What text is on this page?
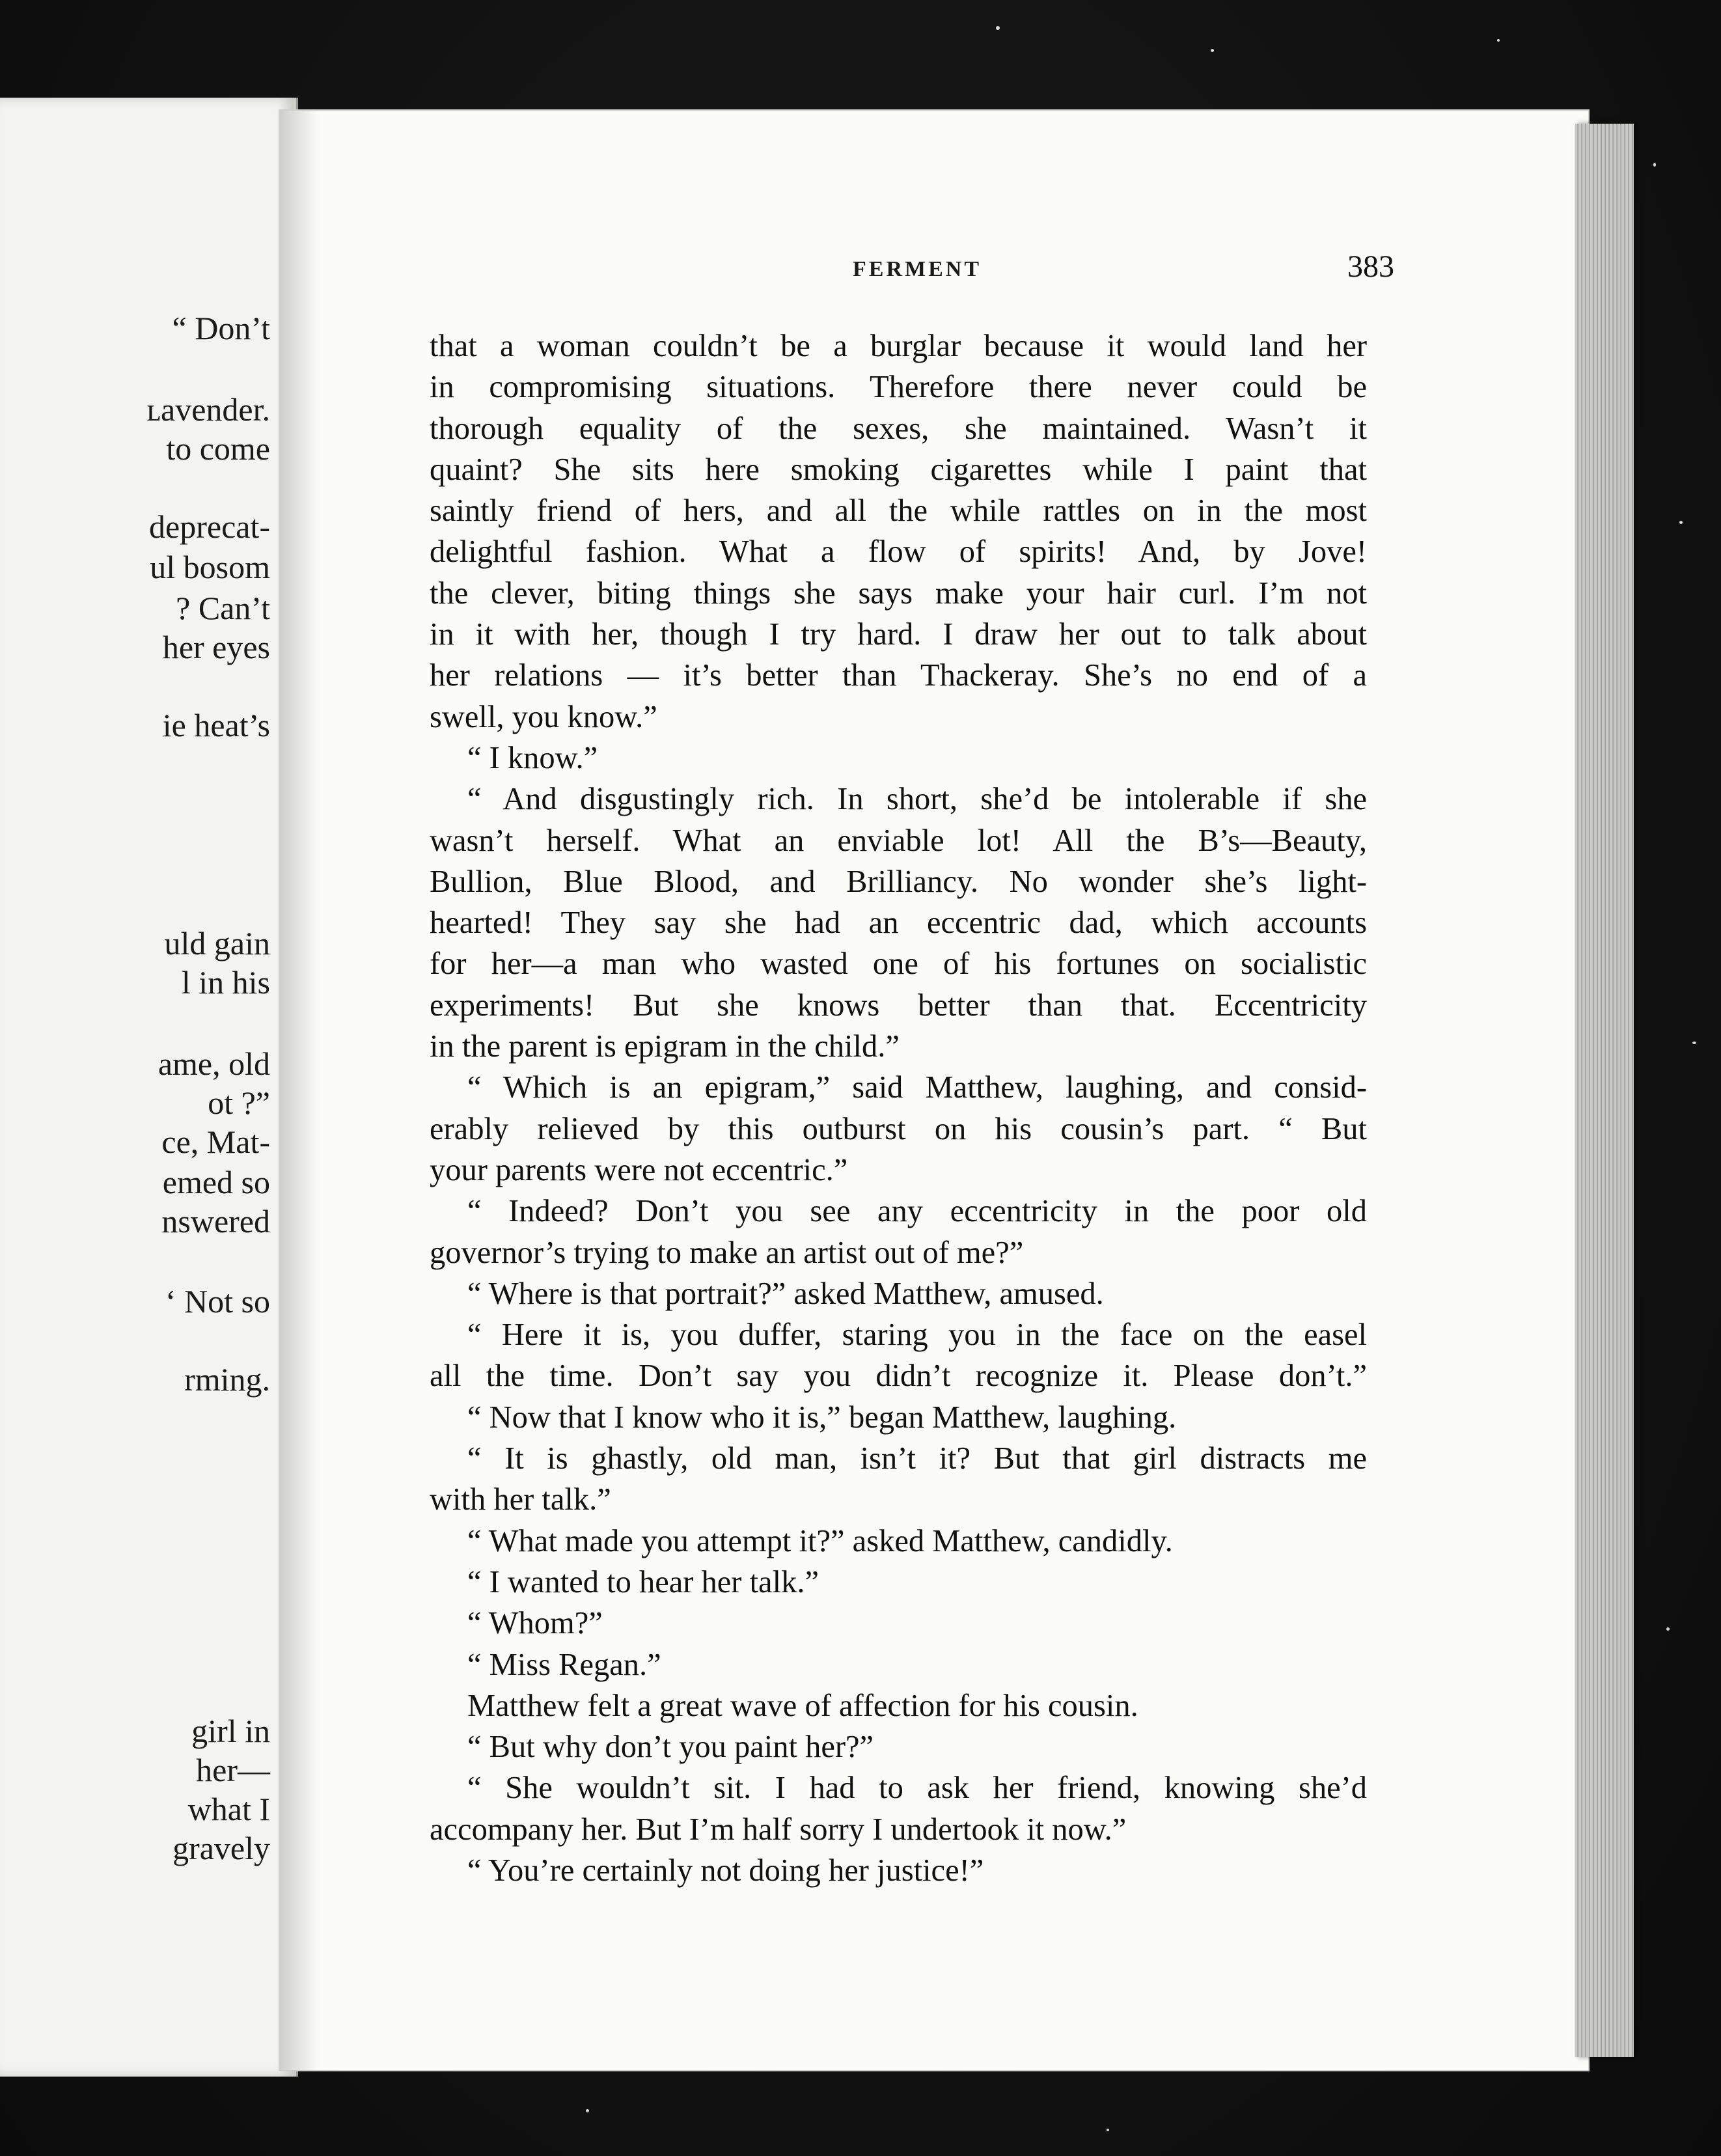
“ Don’t
ʟavender.
to come
deprecat-
ul bosom
? Can’t
her eyes
ie heat’s
uld gain
l in his
ame, old
ot ?”
ce, Mat-
emed so
nswered
‘ Not so
rming.
girl in
her—
what I
gravely
FERMENT	383
that a woman couldn’t be a burglar because it would land her
in compromising situations. Therefore there never could be
thorough equality of the sexes, she maintained. Wasn’t it
quaint? She sits here smoking cigarettes while I paint that
saintly friend of hers, and all the while rattles on in the most
delightful fashion. What a flow of spirits! And, by Jove!
the clever, biting things she says make your hair curl. I’m not
in it with her, though I try hard. I draw her out to talk about
her relations — it’s better than Thackeray. She’s no end of a
swell, you know.”
“ I know.”
“ And disgustingly rich. In short, she’d be intolerable if she
wasn’t herself. What an enviable lot! All the B’s—Beauty,
Bullion, Blue Blood, and Brilliancy. No wonder she’s light-
hearted! They say she had an eccentric dad, which accounts
for her—a man who wasted one of his fortunes on socialistic
experiments! But she knows better than that. Eccentricity
in the parent is epigram in the child.”
“ Which is an epigram,” said Matthew, laughing, and consid-
erably relieved by this outburst on his cousin’s part. “ But
your parents were not eccentric.”
“ Indeed? Don’t you see any eccentricity in the poor old
governor’s trying to make an artist out of me?”
“ Where is that portrait?” asked Matthew, amused.
“ Here it is, you duffer, staring you in the face on the easel
all the time. Don’t say you didn’t recognize it. Please don’t.”
“ Now that I know who it is,” began Matthew, laughing.
“ It is ghastly, old man, isn’t it? But that girl distracts me
with her talk.”
“ What made you attempt it?” asked Matthew, candidly.
“ I wanted to hear her talk.”
“ Whom?”
“ Miss Regan.”
Matthew felt a great wave of affection for his cousin.
“ But why don’t you paint her?”
“ She wouldn’t sit. I had to ask her friend, knowing she’d
accompany her. But I’m half sorry I undertook it now.”
“ You’re certainly not doing her justice!”
